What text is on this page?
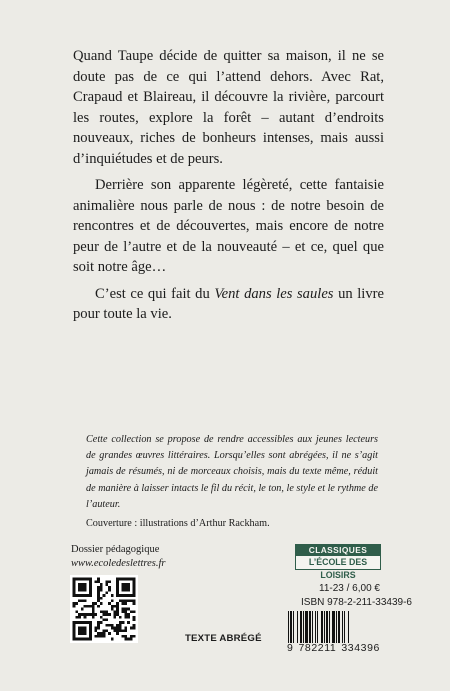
Quand Taupe décide de quitter sa maison, il ne se doute pas de ce qui l’attend dehors. Avec Rat, Crapaud et Blaireau, il découvre la rivière, parcourt les routes, explore la forêt – autant d’endroits nouveaux, riches de bonheurs intenses, mais aussi d’inquiétudes et de peurs.

Derrière son apparente légèreté, cette fantaisie animalière nous parle de nous : de notre besoin de rencontres et de découvertes, mais encore de notre peur de l’autre et de la nouveauté – et ce, quel que soit notre âge…

C’est ce qui fait du Vent dans les saules un livre pour toute la vie.

Cette collection se propose de rendre accessibles aux jeunes lecteurs de grandes œuvres littéraires. Lorsqu’elles sont abrégées, il ne s’agit jamais de résumés, ni de morceaux choisis, mais du texte même, réduit de manière à laisser intacts le fil du récit, le ton, le style et le rythme de l’auteur.

Couverture : illustrations d’Arthur Rackham.

Dossier pédagogique
www.ecoledeslettres.fr
TEXTE ABRÉGÉ
CLASSIQUES
L’ÉCOLE DES LOISIRS
11-23 / 6,00 €
ISBN 978-2-211-33439-6
9 782211 334396
